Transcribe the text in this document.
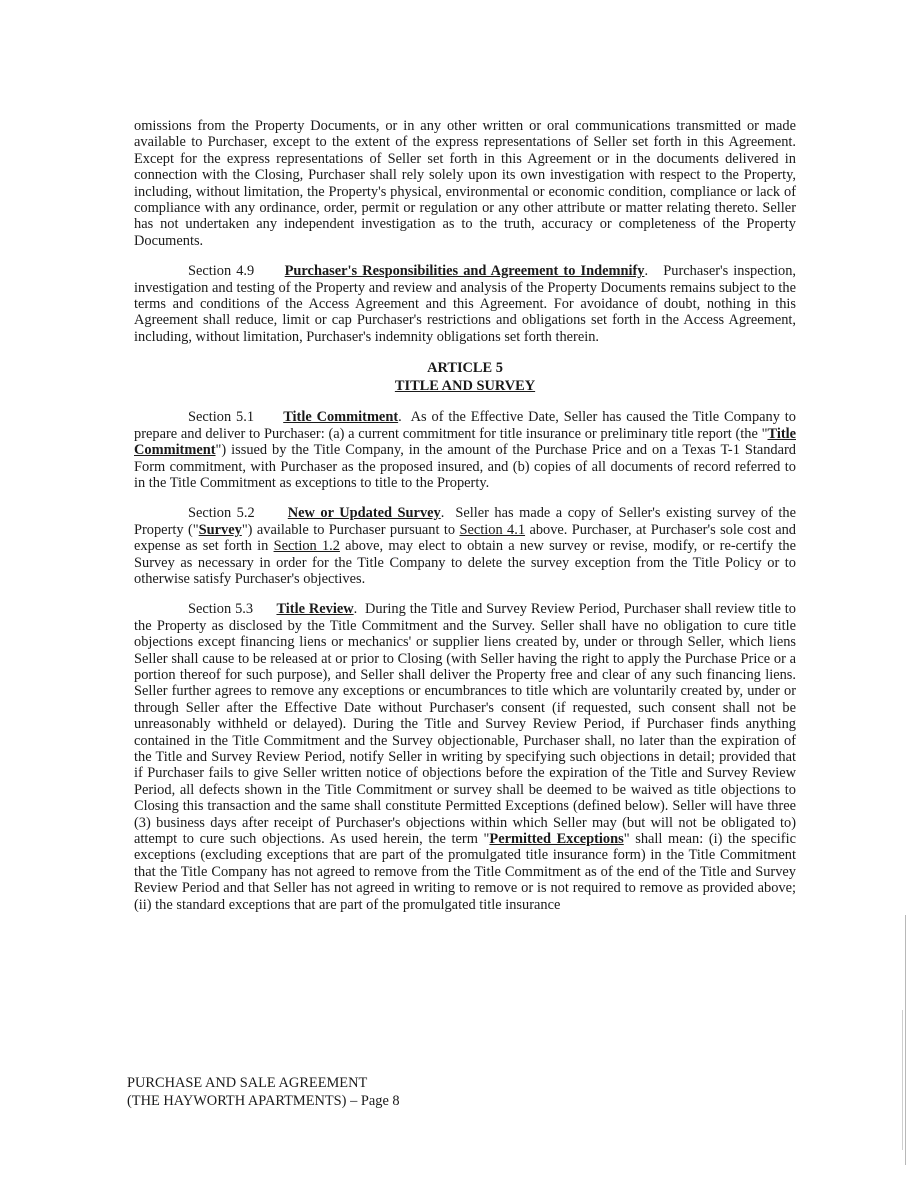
omissions from the Property Documents, or in any other written or oral communications transmitted or made available to Purchaser, except to the extent of the express representations of Seller set forth in this Agreement. Except for the express representations of Seller set forth in this Agreement or in the documents delivered in connection with the Closing, Purchaser shall rely solely upon its own investigation with respect to the Property, including, without limitation, the Property's physical, environmental or economic condition, compliance or lack of compliance with any ordinance, order, permit or regulation or any other attribute or matter relating thereto. Seller has not undertaken any independent investigation as to the truth, accuracy or completeness of the Property Documents.

Section 4.9 Purchaser's Responsibilities and Agreement to Indemnify.   Purchaser's inspection, investigation and testing of the Property and review and analysis of the Property Documents remains subject to the terms and conditions of the Access Agreement and this Agreement. For avoidance of doubt, nothing in this Agreement shall reduce, limit or cap Purchaser's restrictions and obligations set forth in the Access Agreement, including, without limitation, Purchaser's indemnity obligations set forth therein.

ARTICLE 5
TITLE AND SURVEY

Section 5.1 Title Commitment.  As of the Effective Date, Seller has caused the Title Company to prepare and deliver to Purchaser: (a) a current commitment for title insurance or preliminary title report (the "Title Commitment") issued by the Title Company, in the amount of the Purchase Price and on a Texas T-1 Standard Form commitment, with Purchaser as the proposed insured, and (b) copies of all documents of record referred to in the Title Commitment as exceptions to title to the Property.

Section 5.2 New or Updated Survey.  Seller has made a copy of Seller's existing survey of the Property ("Survey") available to Purchaser pursuant to Section 4.1 above. Purchaser, at Purchaser's sole cost and expense as set forth in Section 1.2 above, may elect to obtain a new survey or revise, modify, or re-certify the Survey as necessary in order for the Title Company to delete the survey exception from the Title Policy or to otherwise satisfy Purchaser's objectives.

Section 5.3 Title Review.  During the Title and Survey Review Period, Purchaser shall review title to the Property as disclosed by the Title Commitment and the Survey. Seller shall have no obligation to cure title objections except financing liens or mechanics' or supplier liens created by, under or through Seller, which liens Seller shall cause to be released at or prior to Closing (with Seller having the right to apply the Purchase Price or a portion thereof for such purpose), and Seller shall deliver the Property free and clear of any such financing liens. Seller further agrees to remove any exceptions or encumbrances to title which are voluntarily created by, under or through Seller after the Effective Date without Purchaser's consent (if requested, such consent shall not be unreasonably withheld or delayed). During the Title and Survey Review Period, if Purchaser finds anything contained in the Title Commitment and the Survey objectionable, Purchaser shall, no later than the expiration of the Title and Survey Review Period, notify Seller in writing by specifying such objections in detail; provided that if Purchaser fails to give Seller written notice of objections before the expiration of the Title and Survey Review Period, all defects shown in the Title Commitment or survey shall be deemed to be waived as title objections to Closing this transaction and the same shall constitute Permitted Exceptions (defined below). Seller will have three (3) business days after receipt of Purchaser's objections within which Seller may (but will not be obligated to) attempt to cure such objections. As used herein, the term "Permitted Exceptions" shall mean: (i) the specific exceptions (excluding exceptions that are part of the promulgated title insurance form) in the Title Commitment that the Title Company has not agreed to remove from the Title Commitment as of the end of the Title and Survey Review Period and that Seller has not agreed in writing to remove or is not required to remove as provided above; (ii) the standard exceptions that are part of the promulgated title insurance

PURCHASE AND SALE AGREEMENT
(THE HAYWORTH APARTMENTS) – Page 8
